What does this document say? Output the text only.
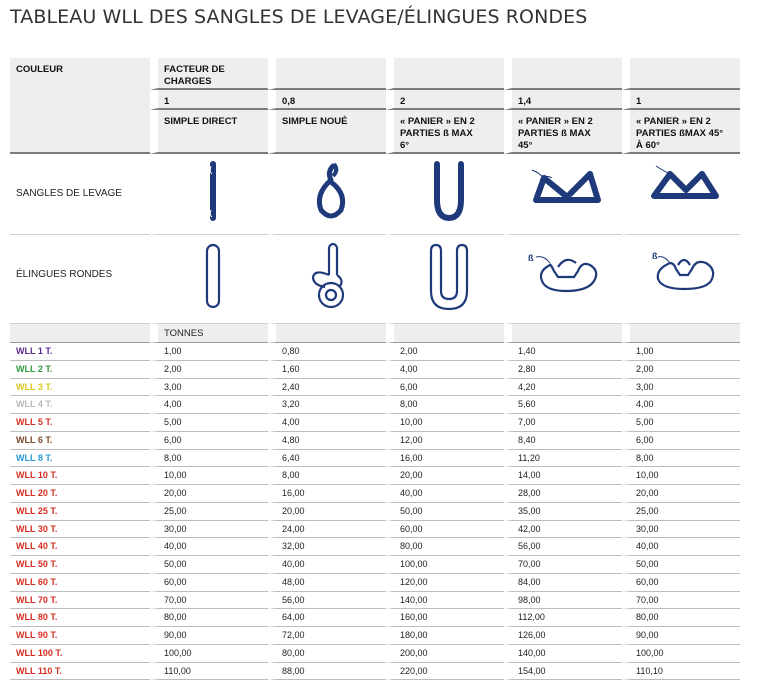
TABLEAU WLL DES SANGLES DE LEVAGE/ÉLINGUES RONDES
COULEUR	FACTEUR DE CHARGES				

	1	0,8	2	1,4	1

	SIMPLE DIRECT	SIMPLE NOUÉ	« PANIER » EN 2 PARTIES ß MAX 6°	« PANIER » EN 2 PARTIES ß MAX 45°	« PANIER » EN 2 PARTIES ßMAX 45° À 60°

SANGLES DE LEVAGE

ÉLINGUES RONDES				ß	ß

	TONNES				

WLL 1 T.	1,00	0,80	2,00	1,40	1,00

WLL 2 T.	2,00	1,60	4,00	2,80	2,00

WLL 3 T.	3,00	2,40	6,00	4,20	3,00

WLL 4 T.	4,00	3,20	8,00	5,60	4,00

WLL 5 T.	5,00	4,00	10,00	7,00	5,00

WLL 6 T.	6,00	4,80	12,00	8,40	6,00

WLL 8 T.	8,00	6,40	16,00	11,20	8,00

WLL 10 T.	10,00	8,00	20,00	14,00	10,00

WLL 20 T.	20,00	16,00	40,00	28,00	20,00

WLL 25 T.	25,00	20,00	50,00	35,00	25,00

WLL 30 T.	30,00	24,00	60,00	42,00	30,00

WLL 40 T.	40,00	32,00	80,00	56,00	40,00

WLL 50 T.	50,00	40,00	100,00	70,00	50,00

WLL 60 T.	60,00	48,00	120,00	84,00	60,00

WLL 70 T.	70,00	56,00	140,00	98,00	70,00

WLL 80 T.	80,00	64,00	160,00	112,00	80,00

WLL 90 T.	90,00	72,00	180,00	126,00	90,00

WLL 100 T.	100,00	80,00	200,00	140,00	100,00

WLL 110 T.	110,00	88,00	220,00	154,00	110,10
